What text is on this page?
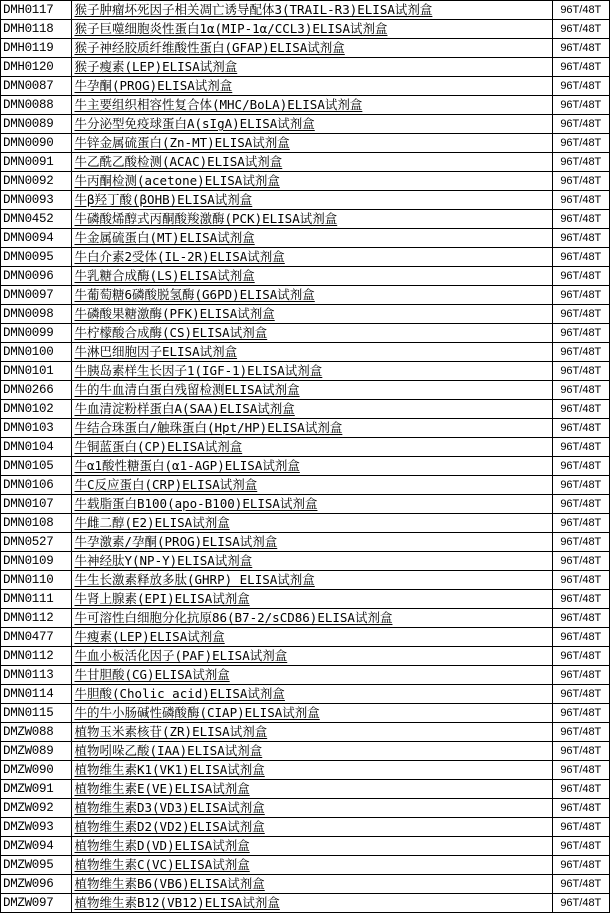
DMH0117	猴子肿瘤坏死因子相关凋亡诱导配体3(TRAIL-R3)ELISA试剂盒	96T/48T
DMH0118	猴子巨噬细胞炎性蛋白1α(MIP-1α/CCL3)ELISA试剂盒	96T/48T
DMH0119	猴子神经胶质纤维酸性蛋白(GFAP)ELISA试剂盒	96T/48T
DMH0120	猴子瘦素(LEP)ELISA试剂盒	96T/48T
DMN0087	牛孕酮(PROG)ELISA试剂盒	96T/48T
DMN0088	牛主要组织相容性复合体(MHC/BoLA)ELISA试剂盒	96T/48T
DMN0089	牛分泌型免疫球蛋白A(sIgA)ELISA试剂盒	96T/48T
DMN0090	牛锌金属硫蛋白(Zn-MT)ELISA试剂盒	96T/48T
DMN0091	牛乙酰乙酸检测(ACAC)ELISA试剂盒	96T/48T
DMN0092	牛丙酮检测(acetone)ELISA试剂盒	96T/48T
DMN0093	牛β羟丁酸(βOHB)ELISA试剂盒	96T/48T
DMN0452	牛磷酸烯醇式丙酮酸羧激酶(PCK)ELISA试剂盒	96T/48T
DMN0094	牛金属硫蛋白(MT)ELISA试剂盒	96T/48T
DMN0095	牛白介素2受体(IL-2R)ELISA试剂盒	96T/48T
DMN0096	牛乳糖合成酶(LS)ELISA试剂盒	96T/48T
DMN0097	牛葡萄糖6磷酸脱氢酶(G6PD)ELISA试剂盒	96T/48T
DMN0098	牛磷酸果糖激酶(PFK)ELISA试剂盒	96T/48T
DMN0099	牛柠檬酸合成酶(CS)ELISA试剂盒	96T/48T
DMN0100	牛淋巴细胞因子ELISA试剂盒	96T/48T
DMN0101	牛胰岛素样生长因子1(IGF-1)ELISA试剂盒	96T/48T
DMN0266	牛的牛血清白蛋白残留检测ELISA试剂盒	96T/48T
DMN0102	牛血清淀粉样蛋白A(SAA)ELISA试剂盒	96T/48T
DMN0103	牛结合珠蛋白/触珠蛋白(Hpt/HP)ELISA试剂盒	96T/48T
DMN0104	牛铜蓝蛋白(CP)ELISA试剂盒	96T/48T
DMN0105	牛α1酸性糖蛋白(α1-AGP)ELISA试剂盒	96T/48T
DMN0106	牛C反应蛋白(CRP)ELISA试剂盒	96T/48T
DMN0107	牛载脂蛋白B100(apo-B100)ELISA试剂盒	96T/48T
DMN0108	牛雌二醇(E2)ELISA试剂盒	96T/48T
DMN0527	牛孕激素/孕酮(PROG)ELISA试剂盒	96T/48T
DMN0109	牛神经肽Y(NP-Y)ELISA试剂盒	96T/48T
DMN0110	牛生长激素释放多肽(GHRP) ELISA试剂盒	96T/48T
DMN0111	牛肾上腺素(EPI)ELISA试剂盒	96T/48T
DMN0112	牛可溶性白细胞分化抗原86(B7-2/sCD86)ELISA试剂盒	96T/48T
DMN0477	牛瘦素(LEP)ELISA试剂盒	96T/48T
DMN0112	牛血小板活化因子(PAF)ELISA试剂盒	96T/48T
DMN0113	牛甘胆酸(CG)ELISA试剂盒	96T/48T
DMN0114	牛胆酸(Cholic acid)ELISA试剂盒	96T/48T
DMN0115	牛的牛小肠碱性磷酸酶(CIAP)ELISA试剂盒	96T/48T
DMZW088	植物玉米素核苷(ZR)ELISA试剂盒	96T/48T
DMZW089	植物吲哚乙酸(IAA)ELISA试剂盒	96T/48T
DMZW090	植物维生素K1(VK1)ELISA试剂盒	96T/48T
DMZW091	植物维生素E(VE)ELISA试剂盒	96T/48T
DMZW092	植物维生素D3(VD3)ELISA试剂盒	96T/48T
DMZW093	植物维生素D2(VD2)ELISA试剂盒	96T/48T
DMZW094	植物维生素D(VD)ELISA试剂盒	96T/48T
DMZW095	植物维生素C(VC)ELISA试剂盒	96T/48T
DMZW096	植物维生素B6(VB6)ELISA试剂盒	96T/48T
DMZW097	植物维生素B12(VB12)ELISA试剂盒	96T/48T
